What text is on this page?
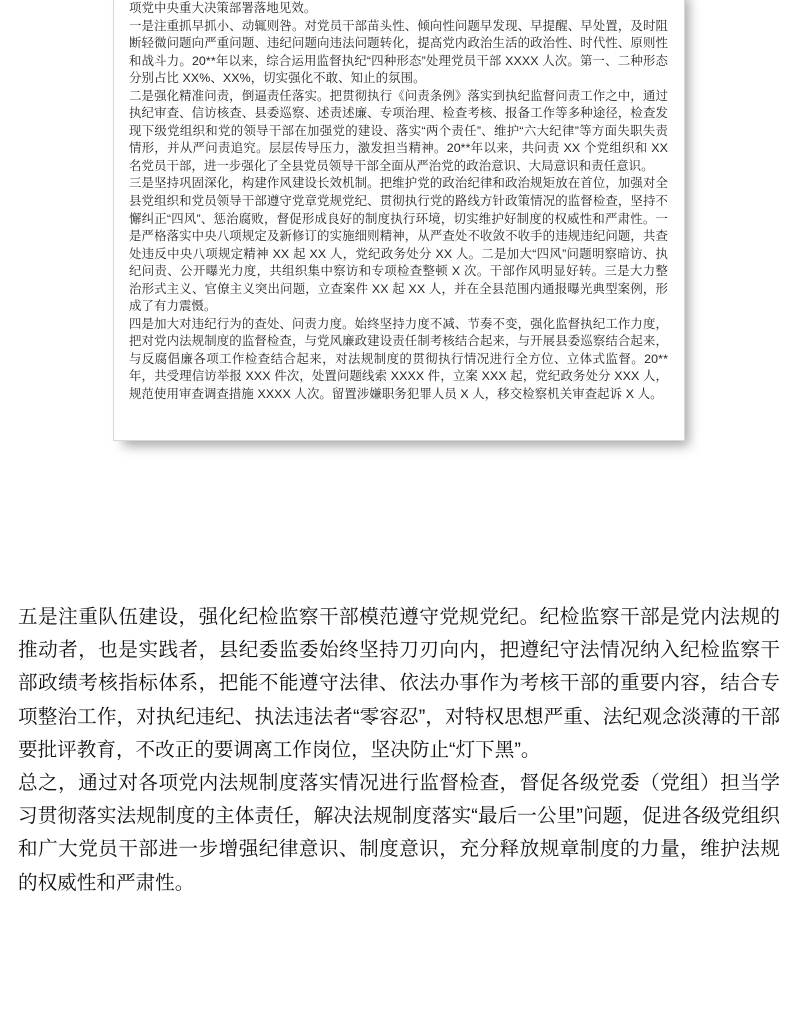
项党中央重大决策部署落地见效。

一是注重抓早抓小、动辄则咎。对党员干部苗头性、倾向性问题早发现、早提醒、早处置，及时阻断轻微问题向严重问题、违纪问题向违法问题转化，提高党内政治生活的政治性、时代性、原则性和战斗力。20**年以来，综合运用监督执纪“四种形态”处理党员干部 XXXX 人次。第一、二种形态分别占比 XX%、XX%，切实强化不敢、知止的氛围。

二是强化精准问责，倒逼责任落实。把贯彻执行《问责条例》落实到执纪监督问责工作之中，通过执纪审查、信访核查、县委巡察、述责述廉、专项治理、检查考核、报备工作等多种途径，检查发现下级党组织和党的领导干部在加强党的建设、落实“两个责任”、维护“六大纪律”等方面失职失责情形，并从严问责追究。层层传导压力，激发担当精神。20**年以来，共问责 XX 个党组织和 XX 名党员干部，进一步强化了全县党员领导干部全面从严治党的政治意识、大局意识和责任意识。

三是坚持巩固深化，构建作风建设长效机制。把维护党的政治纪律和政治规矩放在首位，加强对全县党组织和党员领导干部遵守党章党规党纪、贯彻执行党的路线方针政策情况的监督检查，坚持不懈纠正“四风”、惩治腐败，督促形成良好的制度执行环境，切实维护好制度的权威性和严肃性。一是严格落实中央八项规定及新修订的实施细则精神，从严查处不收敛不收手的违规违纪问题，共查处违反中央八项规定精神 XX 起 XX 人，党纪政务处分 XX 人。二是加大“四风”问题明察暗访、执纪问责、公开曝光力度，共组织集中察访和专项检查整顿 X 次。干部作风明显好转。三是大力整治形式主义、官僚主义突出问题，立查案件 XX 起 XX 人，并在全县范围内通报曝光典型案例，形成了有力震慑。

四是加大对违纪行为的查处、问责力度。始终坚持力度不减、节奏不变，强化监督执纪工作力度，把对党内法规制度的监督检查，与党风廉政建设责任制考核结合起来，与开展县委巡察结合起来，与反腐倡廉各项工作检查结合起来，对法规制度的贯彻执行情况进行全方位、立体式监督。20**年，共受理信访举报 XXX 件次，处置问题线索 XXXX 件，立案 XXX 起，党纪政务处分 XXX 人，规范使用审查调查措施 XXXX 人次。留置涉嫌职务犯罪人员 X 人，移交检察机关审查起诉 X 人。

五是注重队伍建设，强化纪检监察干部模范遵守党规党纪。纪检监察干部是党内法规的推动者，也是实践者，县纪委监委始终坚持刀刃向内，把遵纪守法情况纳入纪检监察干部政绩考核指标体系，把能不能遵守法律、依法办事作为考核干部的重要内容，结合专项整治工作，对执纪违纪、执法违法者“零容忍”，对特权思想严重、法纪观念淡薄的干部要批评教育，不改正的要调离工作岗位，坚决防止“灯下黑”。

总之，通过对各项党内法规制度落实情况进行监督检查，督促各级党委（党组）担当学习贯彻落实法规制度的主体责任，解决法规制度落实“最后一公里”问题，促进各级党组织和广大党员干部进一步增强纪律意识、制度意识，充分释放规章制度的力量，维护法规的权威性和严肃性。
